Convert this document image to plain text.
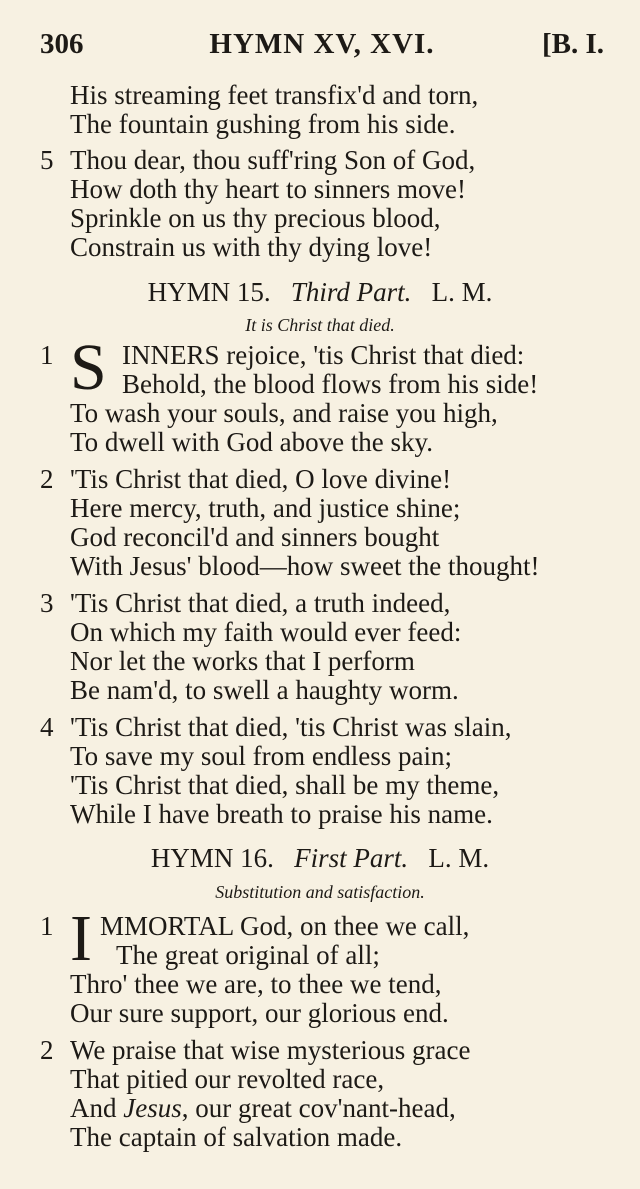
306	HYMN XV, XVI.	[B. I.
His streaming feet transfix'd and torn,
The fountain gushing from his side.
5 Thou dear, thou suff'ring Son of God,
How doth thy heart to sinners move!
Sprinkle on us thy precious blood,
Constrain us with thy dying love!
HYMN 15. Third Part. L. M.
It is Christ that died.
1 S INNERS rejoice, 'tis Christ that died:
Behold, the blood flows from his side!
To wash your souls, and raise you high,
To dwell with God above the sky.
2 'Tis Christ that died, O love divine!
Here mercy, truth, and justice shine;
God reconcil'd and sinners bought
With Jesus' blood—how sweet the thought!
3 'Tis Christ that died, a truth indeed,
On which my faith would ever feed:
Nor let the works that I perform
Be nam'd, to swell a haughty worm.
4 'Tis Christ that died, 'tis Christ was slain,
To save my soul from endless pain;
'Tis Christ that died, shall be my theme,
While I have breath to praise his name.
HYMN 16. First Part. L. M.
Substitution and satisfaction.
1 I MMORTAL God, on thee we call,
The great original of all;
Thro' thee we are, to thee we tend,
Our sure support, our glorious end.
2 We praise that wise mysterious grace
That pitied our revolted race,
And Jesus, our great cov'nant-head,
The captain of salvation made.
